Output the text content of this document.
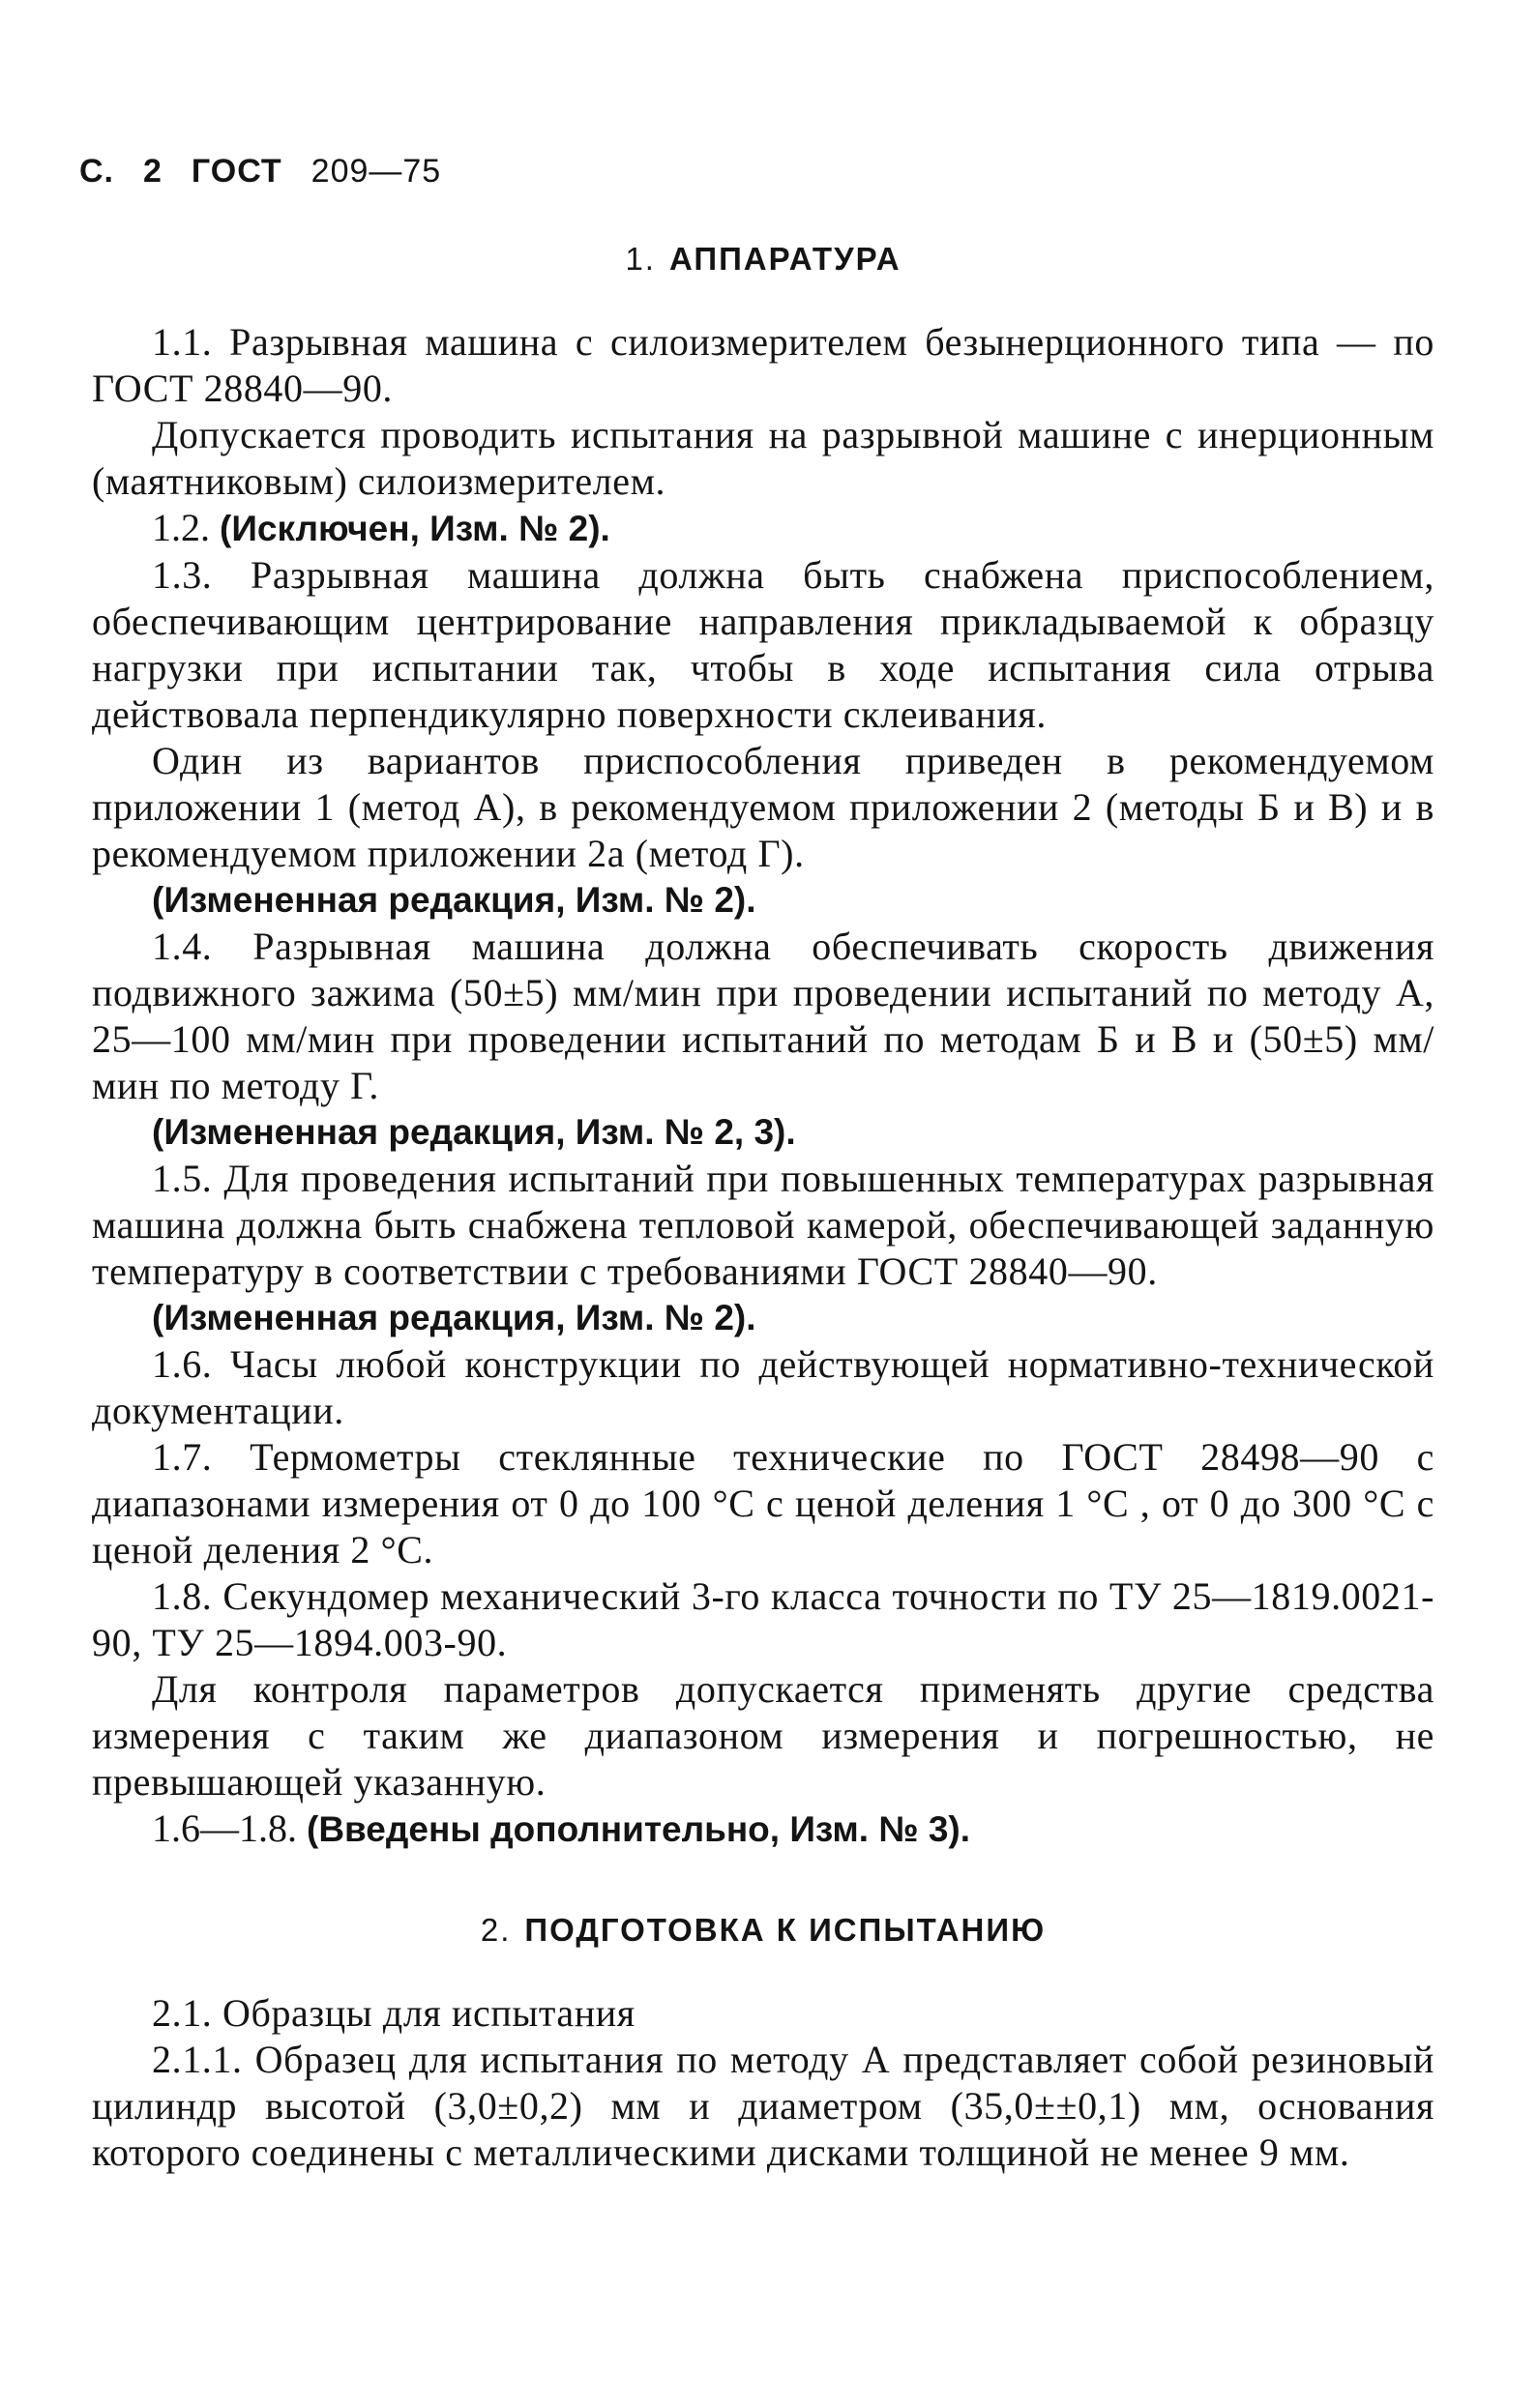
С. 2 ГОСТ 209—75
1. АППАРАТУРА

1.1. Разрывная машина с силоизмерителем безынерционного типа — по ГОСТ 28840—90.

Допускается проводить испытания на разрывной машине с инерционным (маятниковым) силоизмерителем.

1.2. (Исключен, Изм. № 2).

1.3. Разрывная машина должна быть снабжена приспособлением, обеспечивающим центрирование направления прикладываемой к образцу нагрузки при испытании так, чтобы в ходе испытания сила отрыва действовала перпендикулярно поверхности склеивания.

Один из вариантов приспособления приведен в рекомендуемом приложении 1 (метод А), в рекомендуемом приложении 2 (методы Б и В) и в рекомендуемом приложении 2а (метод Г).

(Измененная редакция, Изм. № 2).

1.4. Разрывная машина должна обеспечивать скорость движения подвижного зажима (50±5) мм/мин при проведении испытаний по методу А, 25—100 мм/мин при проведении испытаний по методам Б и В и (50±5) мм/мин по методу Г.

(Измененная редакция, Изм. № 2, 3).

1.5. Для проведения испытаний при повышенных температурах разрывная машина должна быть снабжена тепловой камерой, обеспечивающей заданную температуру в соответствии с требованиями ГОСТ 28840—90.

(Измененная редакция, Изм. № 2).

1.6. Часы любой конструкции по действующей нормативно-технической документации.

1.7. Термометры стеклянные технические по ГОСТ 28498—90 с диапазонами измерения от 0 до 100 °С с ценой деления 1 °С , от 0 до 300 °С с ценой деления 2 °С.

1.8. Секундомер механический 3-го класса точности по ТУ 25—1819.0021-90, ТУ 25—1894.003-90.

Для контроля параметров допускается применять другие средства измерения с таким же диапазоном измерения и погрешностью, не превышающей указанную.

1.6—1.8. (Введены дополнительно, Изм. № 3).

2. ПОДГОТОВКА К ИСПЫТАНИЮ

2.1. Образцы для испытания

2.1.1. Образец для испытания по методу А представляет собой резиновый цилиндр высотой (3,0±0,2) мм и диаметром (35,0±±0,1) мм, основания которого соединены с металлическими дисками толщиной не менее 9 мм.
